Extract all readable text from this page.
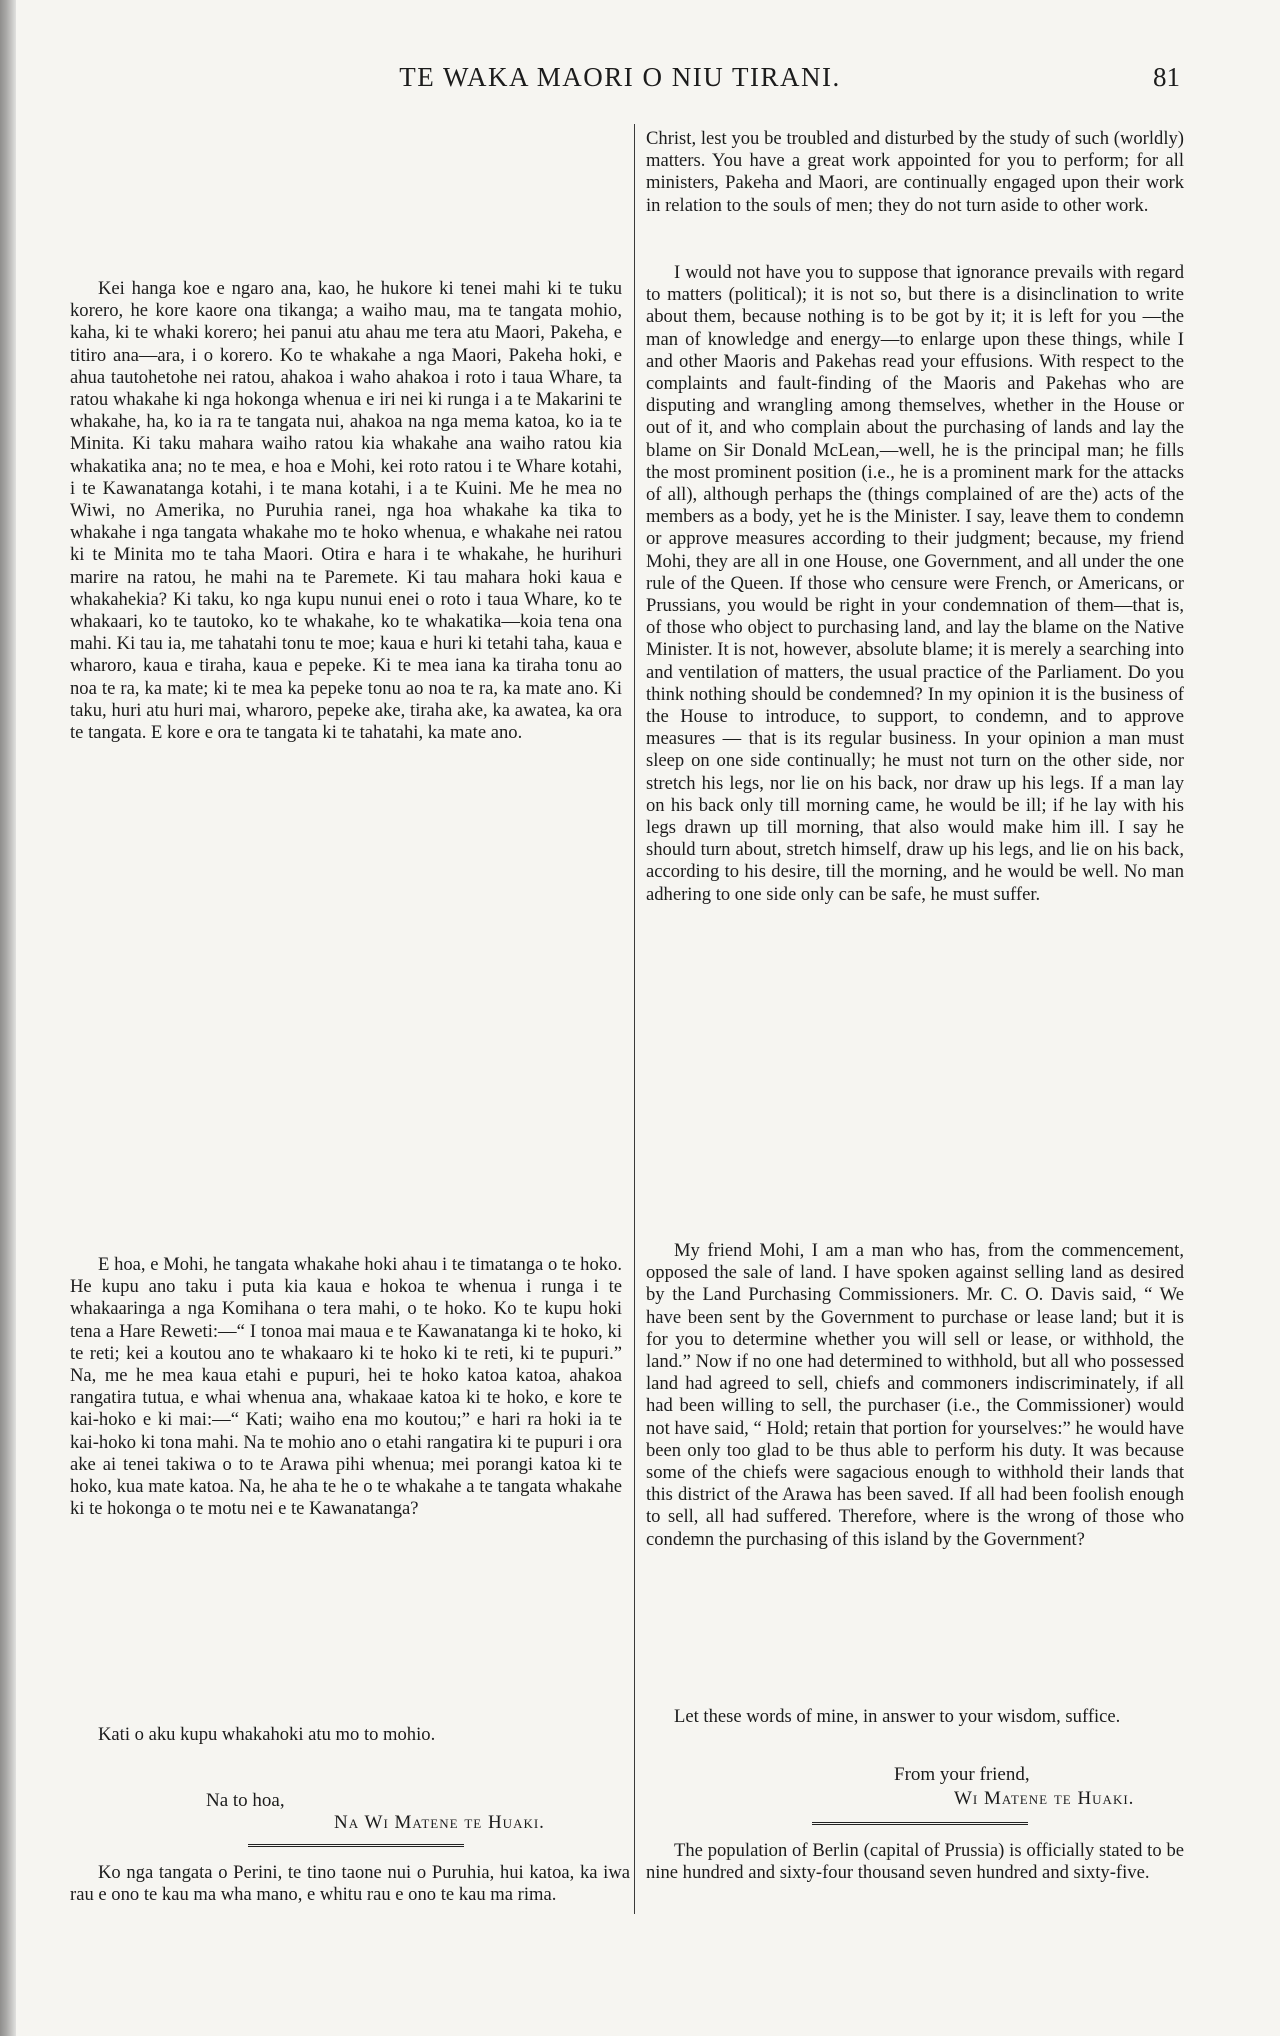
TE WAKA MAORI O NIU TIRANI.	81

Kei hanga koe e ngaro ana, kao, he hukore ki tenei mahi ki te tuku korero, he kore kaore ona tikanga; a waiho mau, ma te tangata mohio, kaha, ki te whaki korero; hei panui atu ahau me tera atu Maori, Pakeha, e titiro ana—ara, i o korero. Ko te whakahe a nga Maori, Pakeha hoki, e ahua tautohetohe nei ratou, ahakoa i waho ahakoa i roto i taua Whare, ta ratou whakahe ki nga hokonga whenua e iri nei ki runga i a te Makarini te whakahe, ha, ko ia ra te tangata nui, ahakoa na nga mema katoa, ko ia te Minita. Ki taku mahara waiho ratou kia whakahe ana waiho ratou kia whakatika ana; no te mea, e hoa e Mohi, kei roto ratou i te Whare kotahi, i te Kawanatanga kotahi, i te mana kotahi, i a te Kuini. Me he mea no Wiwi, no Amerika, no Puruhia ranei, nga hoa whakahe ka tika to whakahe i nga tangata whakahe mo te hoko whenua, e whakahe nei ratou ki te Minita mo te taha Maori. Otira e hara i te whakahe, he hurihuri marire na ratou, he mahi na te Paremete. Ki tau mahara hoki kaua e whakahekia? Ki taku, ko nga kupu nunui enei o roto i taua Whare, ko te whakaari, ko te tautoko, ko te whakahe, ko te whakatika—koia tena ona mahi. Ki tau ia, me tahatahi tonu te moe; kaua e huri ki tetahi taha, kaua e wharoro, kaua e tiraha, kaua e pepeke. Ki te mea iana ka tiraha tonu ao noa te ra, ka mate; ki te mea ka pepeke tonu ao noa te ra, ka mate ano. Ki taku, huri atu huri mai, wharoro, pepeke ake, tiraha ake, ka awatea, ka ora te tangata. E kore e ora te tangata ki te tahatahi, ka mate ano.

E hoa, e Mohi, he tangata whakahe hoki ahau i te timatanga o te hoko. He kupu ano taku i puta kia kaua e hokoa te whenua i runga i te whakaaringa a nga Komihana o tera mahi, o te hoko. Ko te kupu hoki tena a Hare Reweti:—“ I tonoa mai maua e te Kawanatanga ki te hoko, ki te reti; kei a koutou ano te whakaaro ki te hoko ki te reti, ki te pupuri.” Na, me he mea kaua etahi e pupuri, hei te hoko katoa katoa, ahakoa rangatira tutua, e whai whenua ana, whakaae katoa ki te hoko, e kore te kai-hoko e ki mai:—“ Kati; waiho ena mo koutou;” e hari ra hoki ia te kai-hoko ki tona mahi. Na te mohio ano o etahi rangatira ki te pupuri i ora ake ai tenei takiwa o to te Arawa pihi whenua; mei porangi katoa ki te hoko, kua mate katoa. Na, he aha te he o te whakahe a te tangata whakahe ki te hokonga o te motu nei e te Kawanatanga?

Kati o aku kupu whakahoki atu mo to mohio.

Na to hoa,
Na Wi Matene te Huaki.

Ko nga tangata o Perini, te tino taone nui o Puruhia, hui katoa, ka iwa rau e ono te kau ma wha mano, e whitu rau e ono te kau ma rima.

Christ, lest you be troubled and disturbed by the study of such (worldly) matters. You have a great work appointed for you to perform; for all ministers, Pakeha and Maori, are continually engaged upon their work in relation to the souls of men; they do not turn aside to other work.

I would not have you to suppose that ignorance prevails with regard to matters (political); it is not so, but there is a disinclination to write about them, because nothing is to be got by it; it is left for you —the man of knowledge and energy—to enlarge upon these things, while I and other Maoris and Pakehas read your effusions. With respect to the complaints and fault-finding of the Maoris and Pakehas who are disputing and wrangling among themselves, whether in the House or out of it, and who complain about the purchasing of lands and lay the blame on Sir Donald McLean,—well, he is the principal man; he fills the most prominent position (i.e., he is a prominent mark for the attacks of all), although perhaps the (things complained of are the) acts of the members as a body, yet he is the Minister. I say, leave them to condemn or approve measures according to their judgment; because, my friend Mohi, they are all in one House, one Government, and all under the one rule of the Queen. If those who censure were French, or Americans, or Prussians, you would be right in your condemnation of them—that is, of those who object to purchasing land, and lay the blame on the Native Minister. It is not, however, absolute blame; it is merely a searching into and ventilation of matters, the usual practice of the Parliament. Do you think nothing should be condemned? In my opinion it is the business of the House to introduce, to support, to condemn, and to approve measures — that is its regular business. In your opinion a man must sleep on one side continually; he must not turn on the other side, nor stretch his legs, nor lie on his back, nor draw up his legs. If a man lay on his back only till morning came, he would be ill; if he lay with his legs drawn up till morning, that also would make him ill. I say he should turn about, stretch himself, draw up his legs, and lie on his back, according to his desire, till the morning, and he would be well. No man adhering to one side only can be safe, he must suffer.

My friend Mohi, I am a man who has, from the commencement, opposed the sale of land. I have spoken against selling land as desired by the Land Purchasing Commissioners. Mr. C. O. Davis said, “ We have been sent by the Government to purchase or lease land; but it is for you to determine whether you will sell or lease, or withhold, the land.” Now if no one had determined to withhold, but all who possessed land had agreed to sell, chiefs and commoners indiscriminately, if all had been willing to sell, the purchaser (i.e., the Commissioner) would not have said, “ Hold; retain that portion for yourselves:” he would have been only too glad to be thus able to perform his duty. It was because some of the chiefs were sagacious enough to withhold their lands that this district of the Arawa has been saved. If all had been foolish enough to sell, all had suffered. Therefore, where is the wrong of those who condemn the purchasing of this island by the Government?

Let these words of mine, in answer to your wisdom, suffice.

From your friend,
Wi Matene te Huaki.

The population of Berlin (capital of Prussia) is officially stated to be nine hundred and sixty-four thousand seven hundred and sixty-five.
